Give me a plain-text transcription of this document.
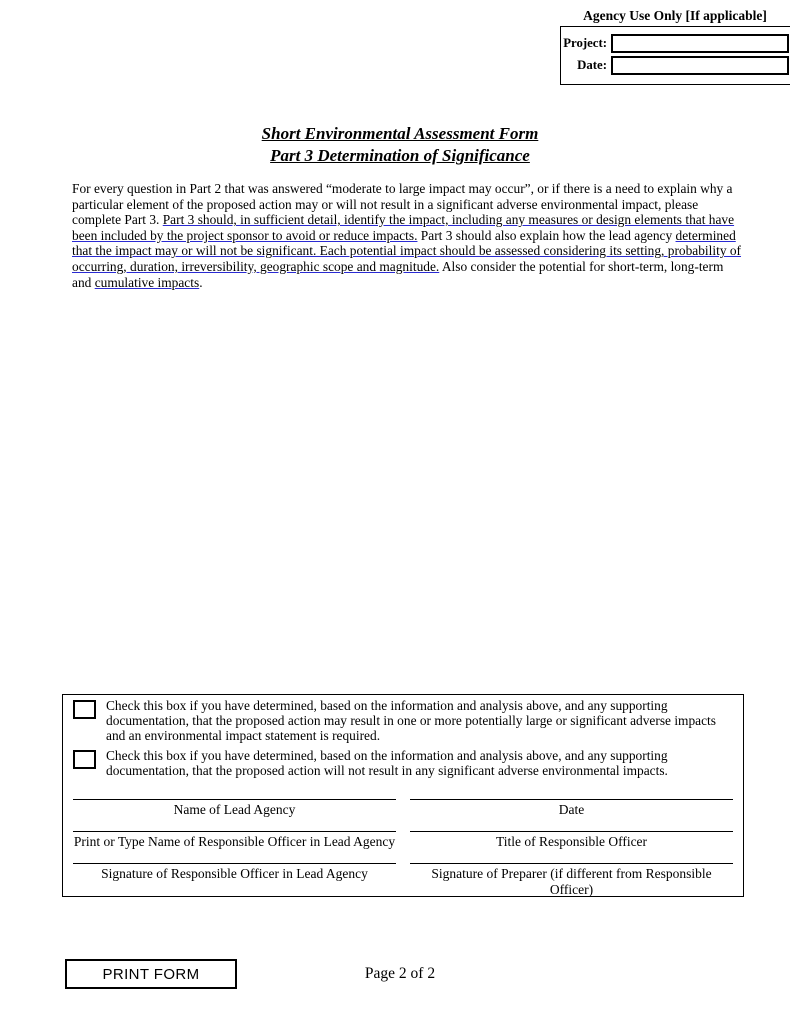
Agency Use Only [If applicable]
Project:
Date:
Short Environmental Assessment Form
Part 3 Determination of Significance
For every question in Part 2 that was answered “moderate to large impact may occur”, or if there is a need to explain why a particular element of the proposed action may or will not result in a significant adverse environmental impact, please complete Part 3. Part 3 should, in sufficient detail, identify the impact, including any measures or design elements that have been included by the project sponsor to avoid or reduce impacts. Part 3 should also explain how the lead agency determined that the impact may or will not be significant. Each potential impact should be assessed considering its setting, probability of occurring, duration, irreversibility, geographic scope and magnitude. Also consider the potential for short-term, long-term and cumulative impacts.
Check this box if you have determined, based on the information and analysis above, and any supporting documentation, that the proposed action may result in one or more potentially large or significant adverse impacts and an environmental impact statement is required.
Check this box if you have determined, based on the information and analysis above, and any supporting documentation, that the proposed action will not result in any significant adverse environmental impacts.
Name of Lead Agency	Date
Print or Type Name of Responsible Officer in Lead Agency	Title of Responsible Officer
Signature of Responsible Officer in Lead Agency	Signature of Preparer (if different from Responsible Officer)
PRINT FORM	Page 2 of 2
